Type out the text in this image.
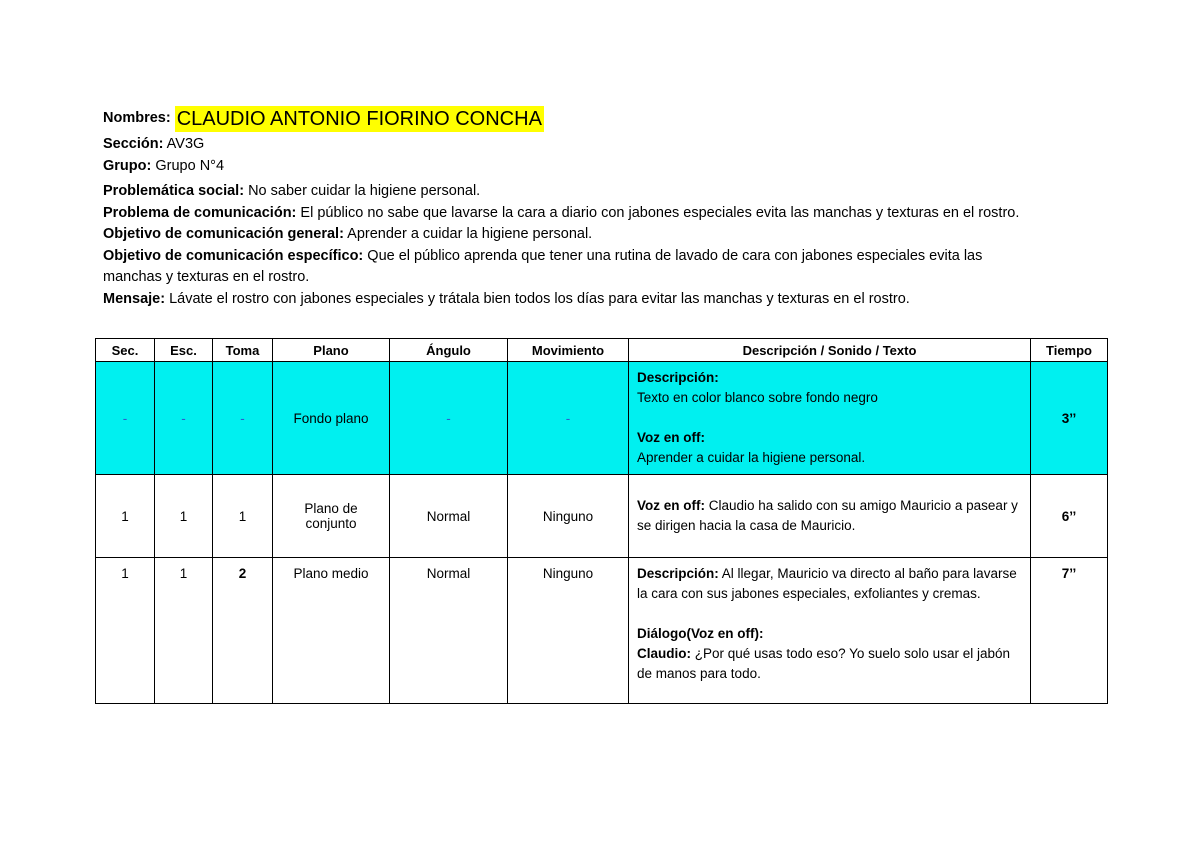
Nombres: CLAUDIO ANTONIO FIORINO CONCHA
Sección: AV3G
Grupo: Grupo N°4
Problemática social: No saber cuidar la higiene personal.
Problema de comunicación: El público no sabe que lavarse la cara a diario con jabones especiales evita las manchas y texturas en el rostro.
Objetivo de comunicación general: Aprender a cuidar la higiene personal.
Objetivo de comunicación específico: Que el público aprenda que tener una rutina de lavado de cara con jabones especiales evita las manchas y texturas en el rostro.
Mensaje: Lávate el rostro con jabones especiales y trátala bien todos los días para evitar las manchas y texturas en el rostro.
Sec.	Esc.	Toma	Plano	Ángulo	Movimiento	Descripción / Sonido / Texto	Tiempo
-	-	-	Fondo plano	-	-	Descripción:
Texto en color blanco sobre fondo negro
Voz en off:
Aprender a cuidar la higiene personal.	3’’
1	1	1	Plano de conjunto	Normal	Ninguno	Voz en off: Claudio ha salido con su amigo Mauricio a pasear y se dirigen hacia la casa de Mauricio.	6’’
1	1	2	Plano medio	Normal	Ninguno	Descripción: Al llegar, Mauricio va directo al baño para lavarse la cara con sus jabones especiales, exfoliantes y cremas.
Diálogo(Voz en off):
Claudio: ¿Por qué usas todo eso? Yo suelo solo usar el jabón de manos para todo.	7’’
